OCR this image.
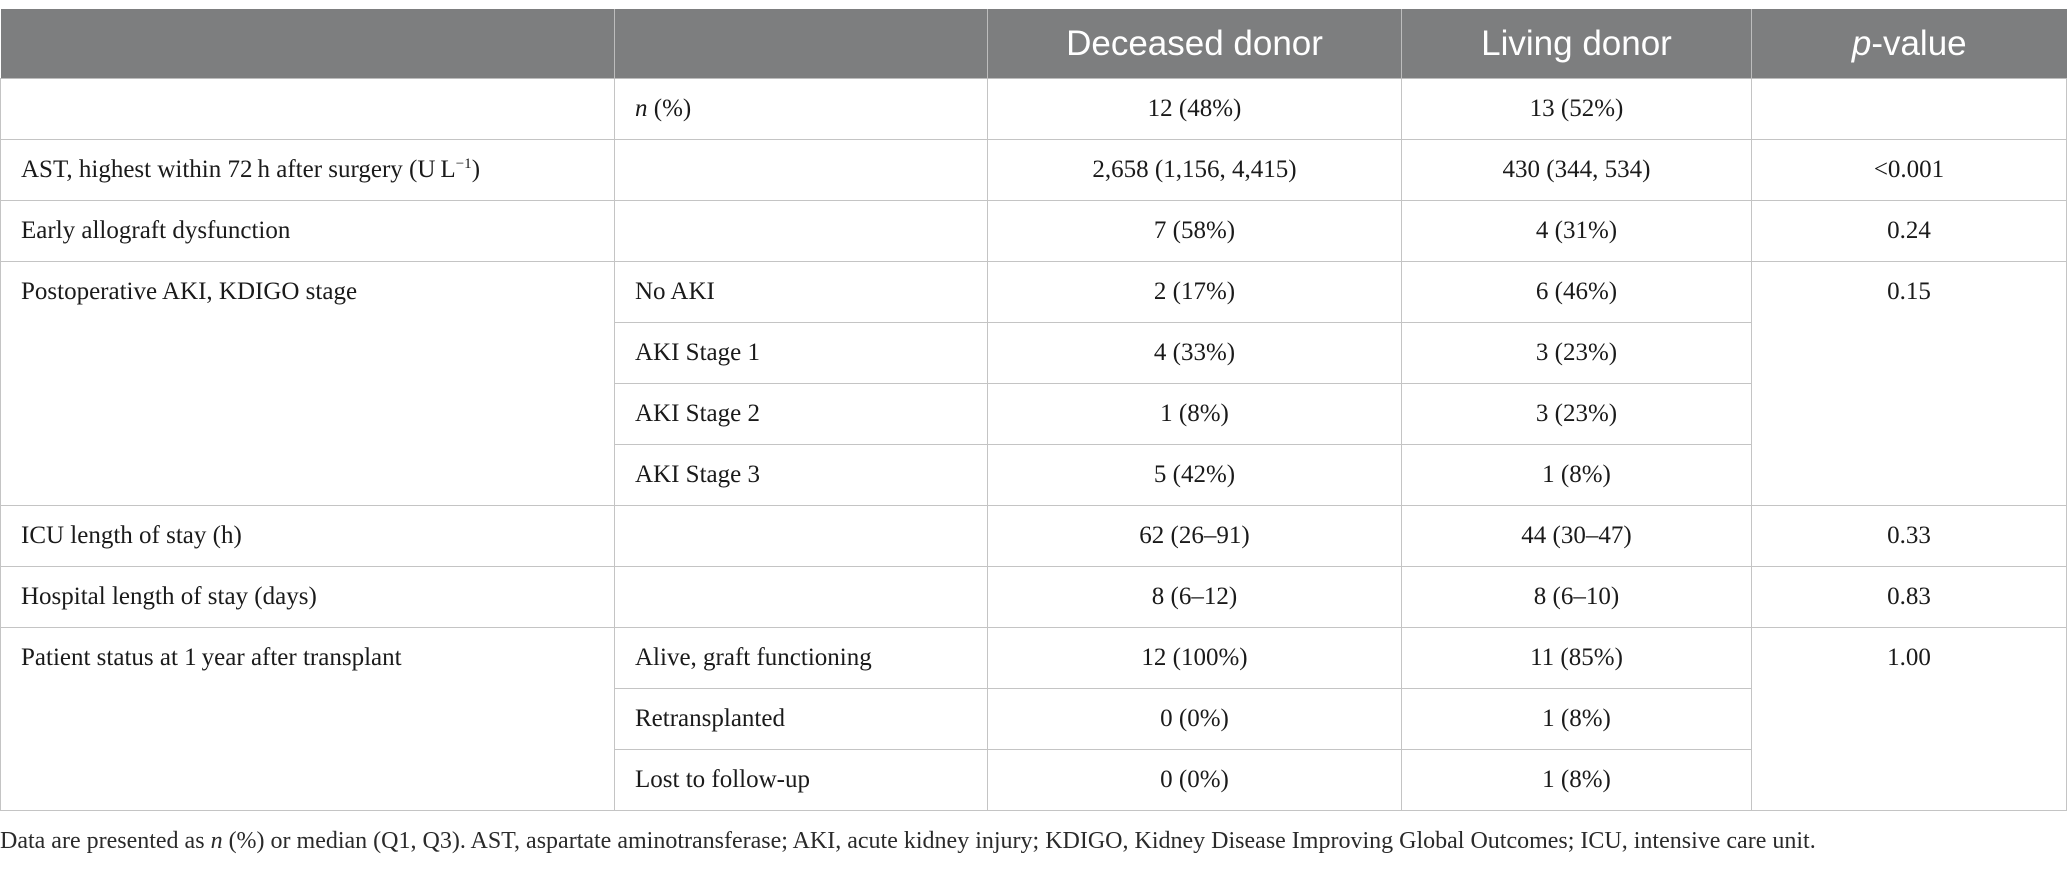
		Deceased donor	Living donor	p-value
	n (%)	12 (48%)	13 (52%)	
AST, highest within 72 h after surgery (U $L^{-1}$)		2,658 (1,156, 4,415)	430 (344, 534)	<0.001
Early allograft dysfunction		7 (58%)	4 (31%)	0.24
Postoperative AKI, KDIGO stage	No AKI	2 (17%)	6 (46%)	0.15
	AKI Stage 1	4 (33%)	3 (23%)	
	AKI Stage 2	1 (8%)	3 (23%)	
	AKI Stage 3	5 (42%)	1 (8%)	
ICU length of stay (h)		62 (26–91)	44 (30–47)	0.33
Hospital length of stay (days)		8 (6–12)	8 (6–10)	0.83
Patient status at 1 year after transplant	Alive, graft functioning	12 (100%)	11 (85%)	1.00
	Retransplanted	0 (0%)	1 (8%)	
	Lost to follow-up	0 (0%)	1 (8%)	
Data are presented as n (%) or median (Q1, Q3). AST, aspartate aminotransferase; AKI, acute kidney injury; KDIGO, Kidney Disease Improving Global Outcomes; ICU, intensive care unit.
